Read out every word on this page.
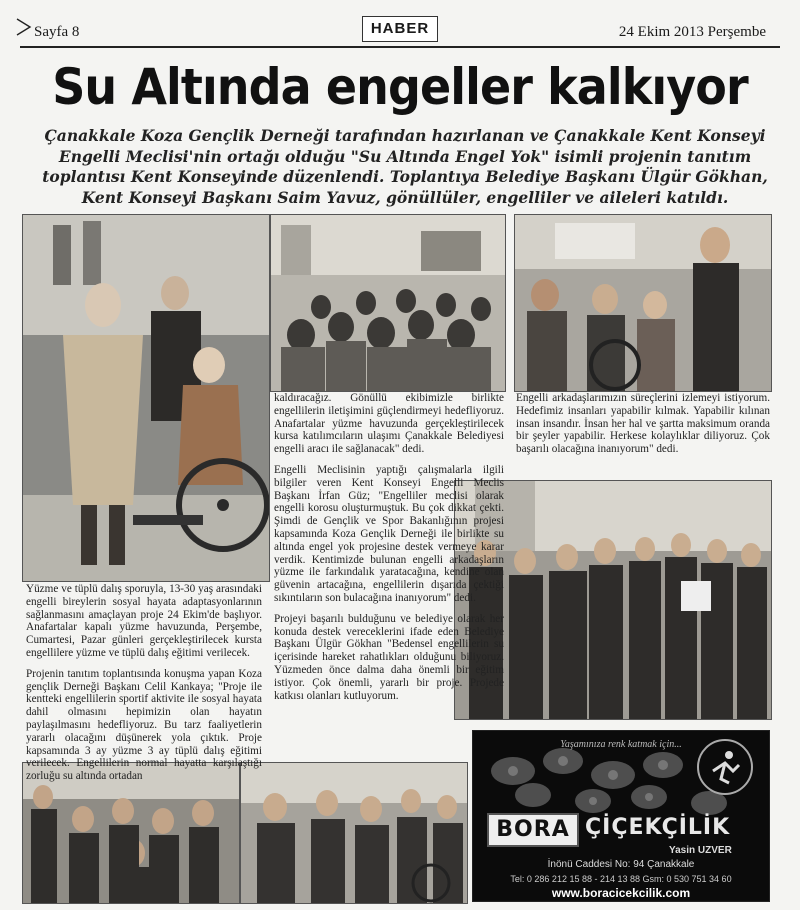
Sayfa 8	HABER	24 Ekim 2013 Perşembe
Su Altında engeller kalkıyor
Çanakkale Koza Gençlik Derneği tarafından hazırlanan ve Çanakkale Kent Konseyi Engelli Meclisi'nin ortağı olduğu "Su Altında Engel Yok" isimli projenin tanıtım toplantısı Kent Konseyinde düzenlendi. Toplantıya Belediye Başkanı Ülgür Gökhan, Kent Konseyi Başkanı Saim Yavuz, gönüllüler, engelliler ve aileleri katıldı.

Yüzme ve tüplü dalış sporuyla, 13-30 yaş arasındaki engelli bireylerin sosyal hayata adaptasyonlarının sağlanmasını amaçlayan proje 24 Ekim'de başlıyor. Anafartalar kapalı yüzme havuzunda, Perşembe, Cumartesi, Pazar günleri gerçekleştirilecek kursta engellilere yüzme ve tüplü dalış eğitimi verilecek.

Projenin tanıtım toplantısında konuşma yapan Koza gençlik Derneği Başkanı Celil Kankaya; "Proje ile kentteki engellilerin sportif aktivite ile sosyal hayata dahil olmasını hepimizin olan hayatın paylaşılmasını hedefliyoruz. Bu tarz faaliyetlerin yararlı olacağını düşünerek yola çıktık. Proje kapsamında 3 ay yüzme 3 ay tüplü dalış eğitimi verilecek. Engellilerin normal hayatta karşılaştığı zorluğu su altında ortadan

kaldıracağız. Gönüllü ekibimizle birlikte engellilerin iletişimini güçlendirmeyi hedefliyoruz. Anafartalar yüzme havuzunda gerçekleştirilecek kursa katılımcıların ulaşımı Çanakkale Belediyesi engelli aracı ile sağlanacak" dedi.

Engelli Meclisinin yaptığı çalışmalarla ilgili bilgiler veren Kent Konseyi Engelli Meclis Başkanı İrfan Güz; "Engelliler meclisi olarak engelli korosu oluşturmuştuk. Bu çok dikkat çekti. Şimdi de Gençlik ve Spor Bakanlığının projesi kapsamında Koza Gençlik Derneği ile birlikte su altında engel yok projesine destek vermeye karar verdik. Kentimizde bulunan engelli arkadaşların yüzme ile farkındalık yaratacağına, kendine olan güvenin artacağına, engellilerin dışarıda çektiği sıkıntıların son bulacağına inanıyorum" dedi.

Projeyi başarılı bulduğunu ve belediye olarak her konuda destek vereceklerini ifade eden Belediye Başkanı Ülgür Gökhan "Bedensel engellilerin su içerisinde hareket rahatlıkları olduğunu biliyoruz. Yüzmeden önce dalma daha önemli bir eğitim istiyor. Çok önemli, yararlı bir proje. Projede katkısı olanları kutluyorum.

Engelli arkadaşlarımızın süreçlerini izlemeyi istiyorum. Hedefimiz insanları yapabilir kılmak. Yapabilir kılınan insan insandır. İnsan her hal ve şartta maksimum oranda bir şeyler yapabilir. Herkese kolaylıklar diliyoruz. Çok başarılı olacağına inanıyorum" dedi.

Yaşamınıza renk katmak için...
BORA ÇİÇEKÇİLİK
Yasin UZVER
İnönü Caddesi No: 94 Çanakkale
Tel: 0 286 212 15 88 - 214 13 88 Gsm: 0 530 751 34 60
www.boracicekcilik.com
